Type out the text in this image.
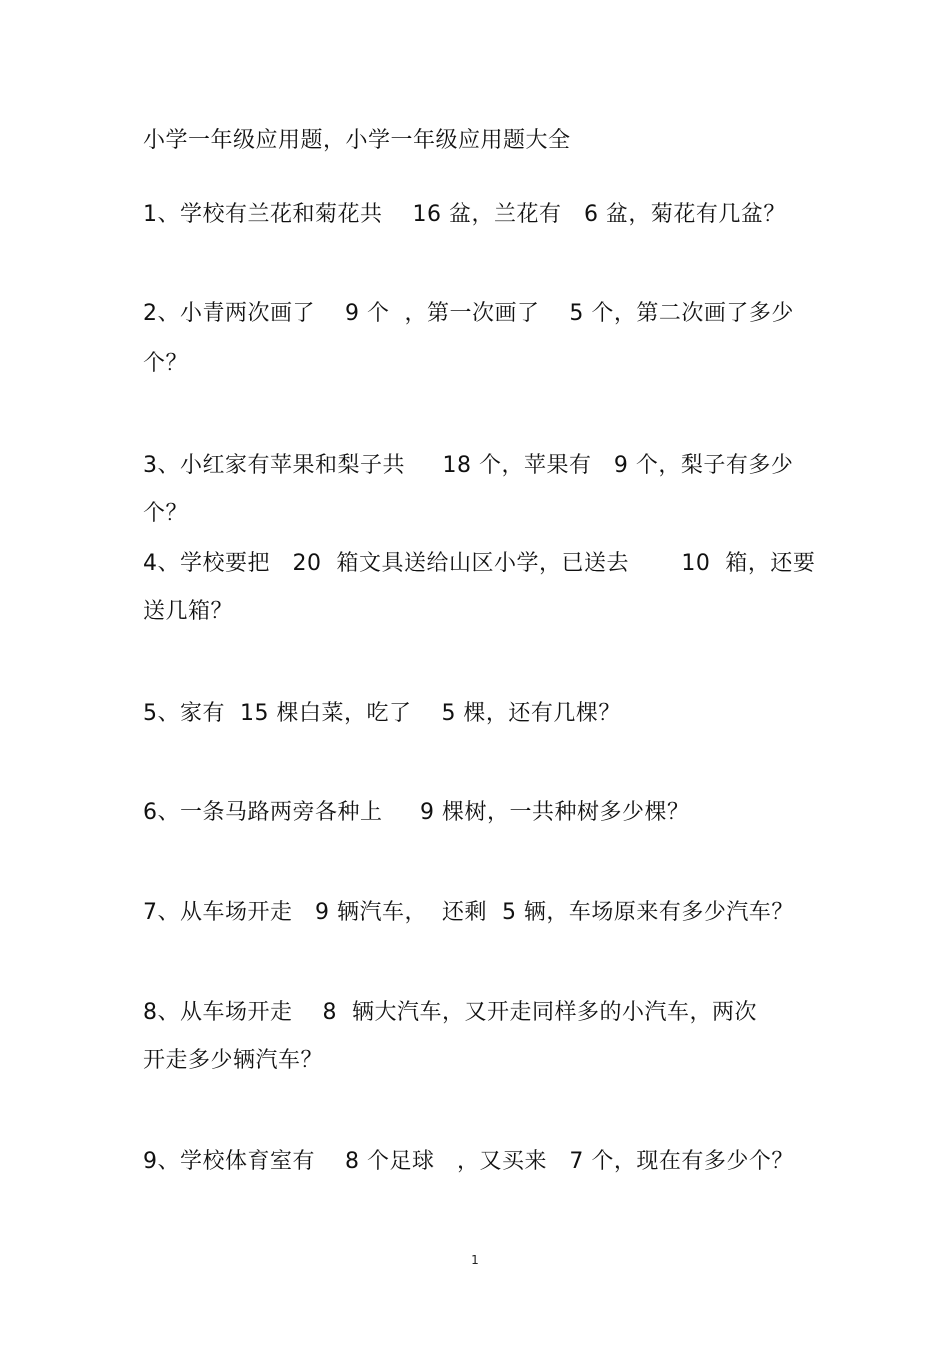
小学一年级应用题，小学一年级应用题大全
1、学校有兰花和菊花共    16 盆，兰花有   6 盆，菊花有几盆？
2、小青两次画了    9 个  ，第一次画了    5 个，第二次画了多少
个？
3、小红家有苹果和梨子共     18 个，苹果有   9 个，梨子有多少
个？
4、学校要把   20  箱文具送给山区小学，已送去       10  箱，还要
送几箱？
5、家有  15 棵白菜，吃了    5 棵，还有几棵？
6、一条马路两旁各种上     9 棵树，一共种树多少棵？
7、从车场开走   9 辆汽车，  还剩  5 辆，车场原来有多少汽车？
8、从车场开走    8  辆大汽车，又开走同样多的小汽车，两次
开走多少辆汽车？
9、学校体育室有    8 个足球   ，又买来   7 个，现在有多少个？
1
